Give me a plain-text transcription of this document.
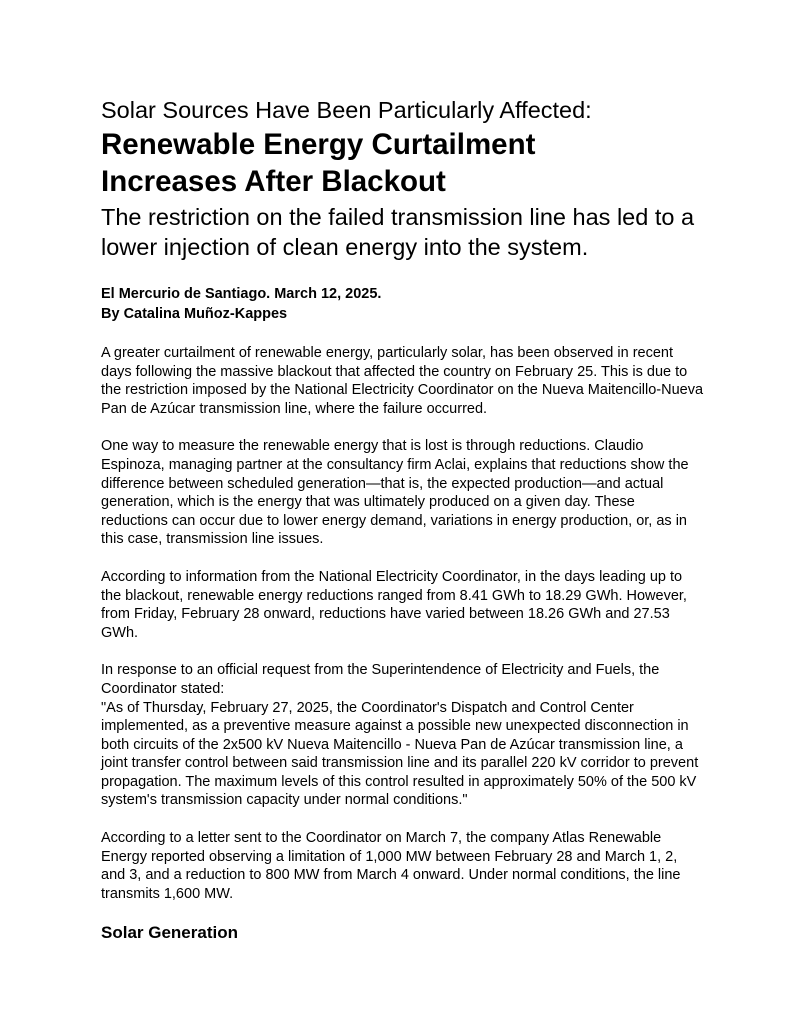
Solar Sources Have Been Particularly Affected:
Renewable Energy Curtailment
Increases After Blackout
The restriction on the failed transmission line has led to a lower injection of clean energy into the system.
El Mercurio de Santiago. March 12, 2025.
By Catalina Muñoz-Kappes

A greater curtailment of renewable energy, particularly solar, has been observed in recent days following the massive blackout that affected the country on February 25. This is due to the restriction imposed by the National Electricity Coordinator on the Nueva Maitencillo-Nueva Pan de Azúcar transmission line, where the failure occurred.

One way to measure the renewable energy that is lost is through reductions. Claudio Espinoza, managing partner at the consultancy firm Aclai, explains that reductions show the difference between scheduled generation—that is, the expected production—and actual generation, which is the energy that was ultimately produced on a given day. These reductions can occur due to lower energy demand, variations in energy production, or, as in this case, transmission line issues.

According to information from the National Electricity Coordinator, in the days leading up to the blackout, renewable energy reductions ranged from 8.41 GWh to 18.29 GWh. However, from Friday, February 28 onward, reductions have varied between 18.26 GWh and 27.53 GWh.

In response to an official request from the Superintendence of Electricity and Fuels, the Coordinator stated:

"As of Thursday, February 27, 2025, the Coordinator's Dispatch and Control Center implemented, as a preventive measure against a possible new unexpected disconnection in both circuits of the 2x500 kV Nueva Maitencillo - Nueva Pan de Azúcar transmission line, a joint transfer control between said transmission line and its parallel 220 kV corridor to prevent propagation. The maximum levels of this control resulted in approximately 50% of the 500 kV system's transmission capacity under normal conditions."

According to a letter sent to the Coordinator on March 7, the company Atlas Renewable Energy reported observing a limitation of 1,000 MW between February 28 and March 1, 2, and 3, and a reduction to 800 MW from March 4 onward. Under normal conditions, the line transmits 1,600 MW.

Solar Generation
